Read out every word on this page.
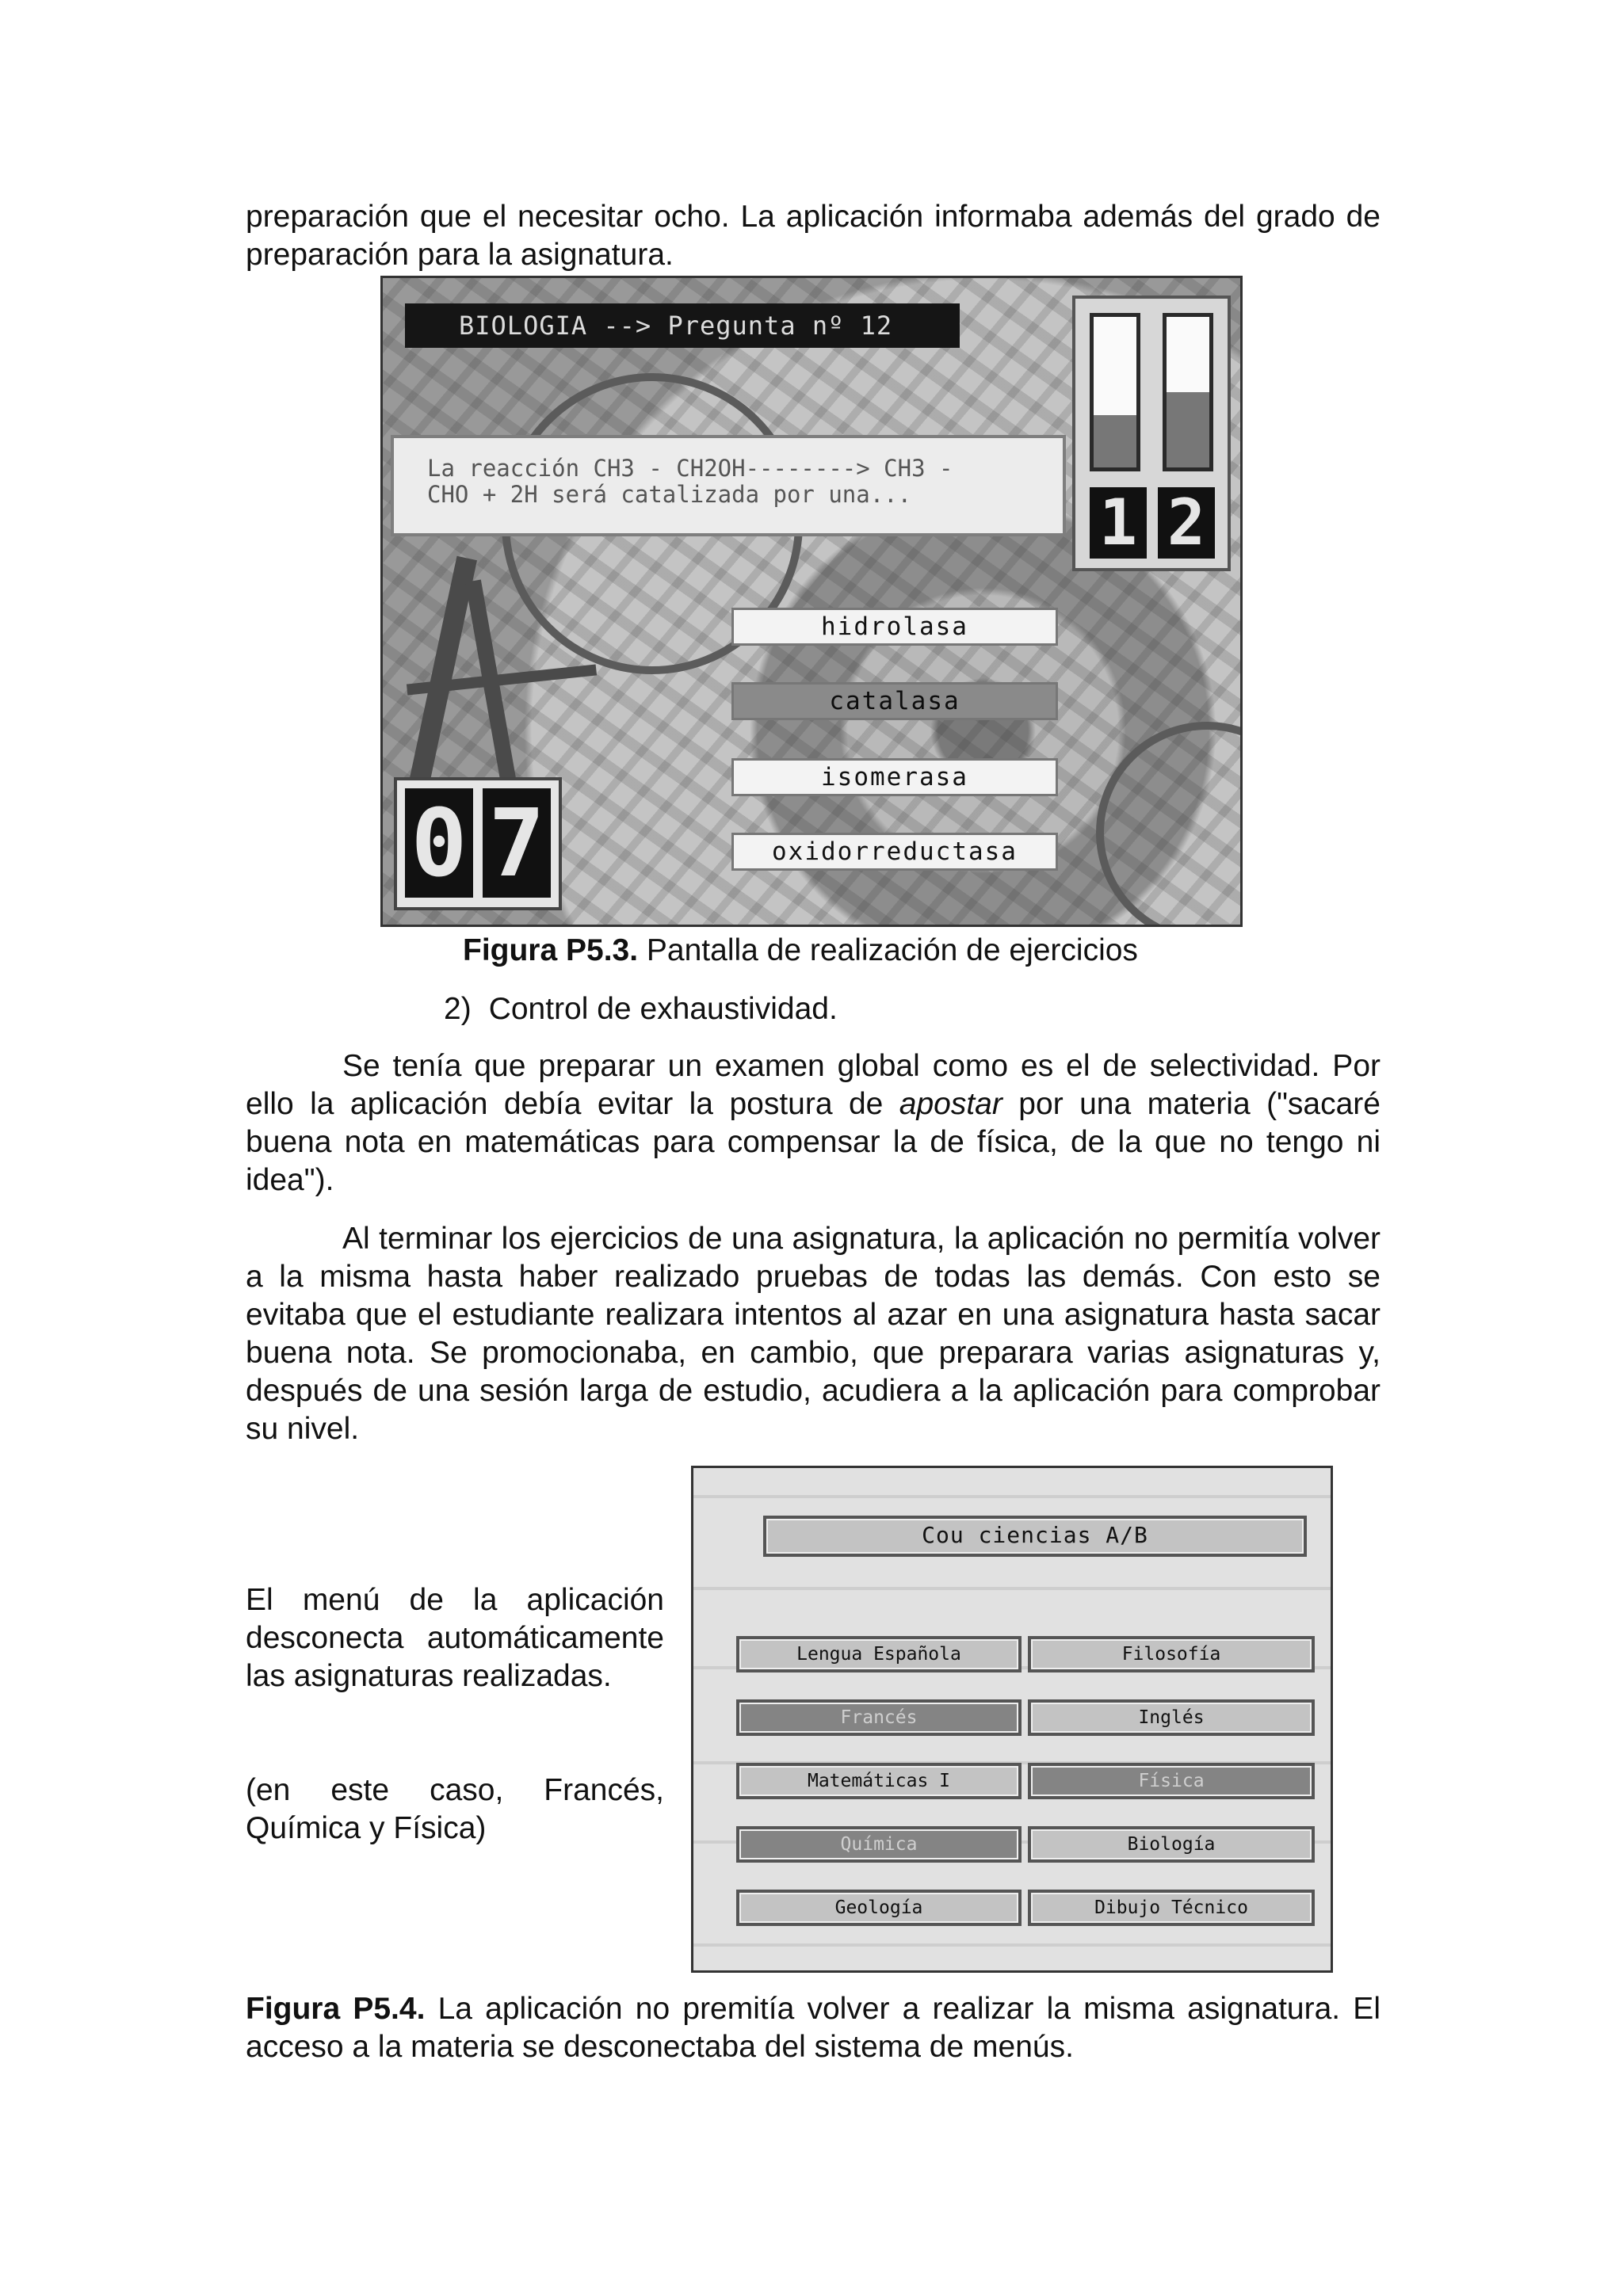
preparación que el necesitar ocho. La aplicación informaba además del grado de preparación para la asignatura.

BIOLOGIA --> Pregunta nº 12
La reacción CH3 - CH2OH--------> CH3 -
CHO + 2H será catalizada por una...	1 2
hidrolasa
catalasa
isomerasa
oxidorreductasa
0 7

Figura P5.3. Pantalla de realización de ejercicios

2) Control de exhaustividad.

Se tenía que preparar un examen global como es el de selectividad. Por ello la aplicación debía evitar la postura de apostar por una materia ("sacaré buena nota en matemáticas para compensar la de física, de la que no tengo ni idea").

Al terminar los ejercicios de una asignatura, la aplicación no permitía volver a la misma hasta haber realizado pruebas de todas las demás. Con esto se evitaba que el estudiante realizara intentos al azar en una asignatura hasta sacar buena nota. Se promocionaba, en cambio, que preparara varias asignaturas y, después de una sesión larga de estudio, acudiera a la aplicación para comprobar su nivel.

El menú de la aplicación desconecta automáticamente las asignaturas realizadas.

(en este caso, Francés, Química y Física)

Cou ciencias A/B
Lengua Española	Filosofía
Francés	Inglés
Matemáticas I	Física
Química	Biología
Geología	Dibujo Técnico

Figura P5.4. La aplicación no premitía volver a realizar la misma asignatura. El acceso a la materia se desconectaba del sistema de menús.
